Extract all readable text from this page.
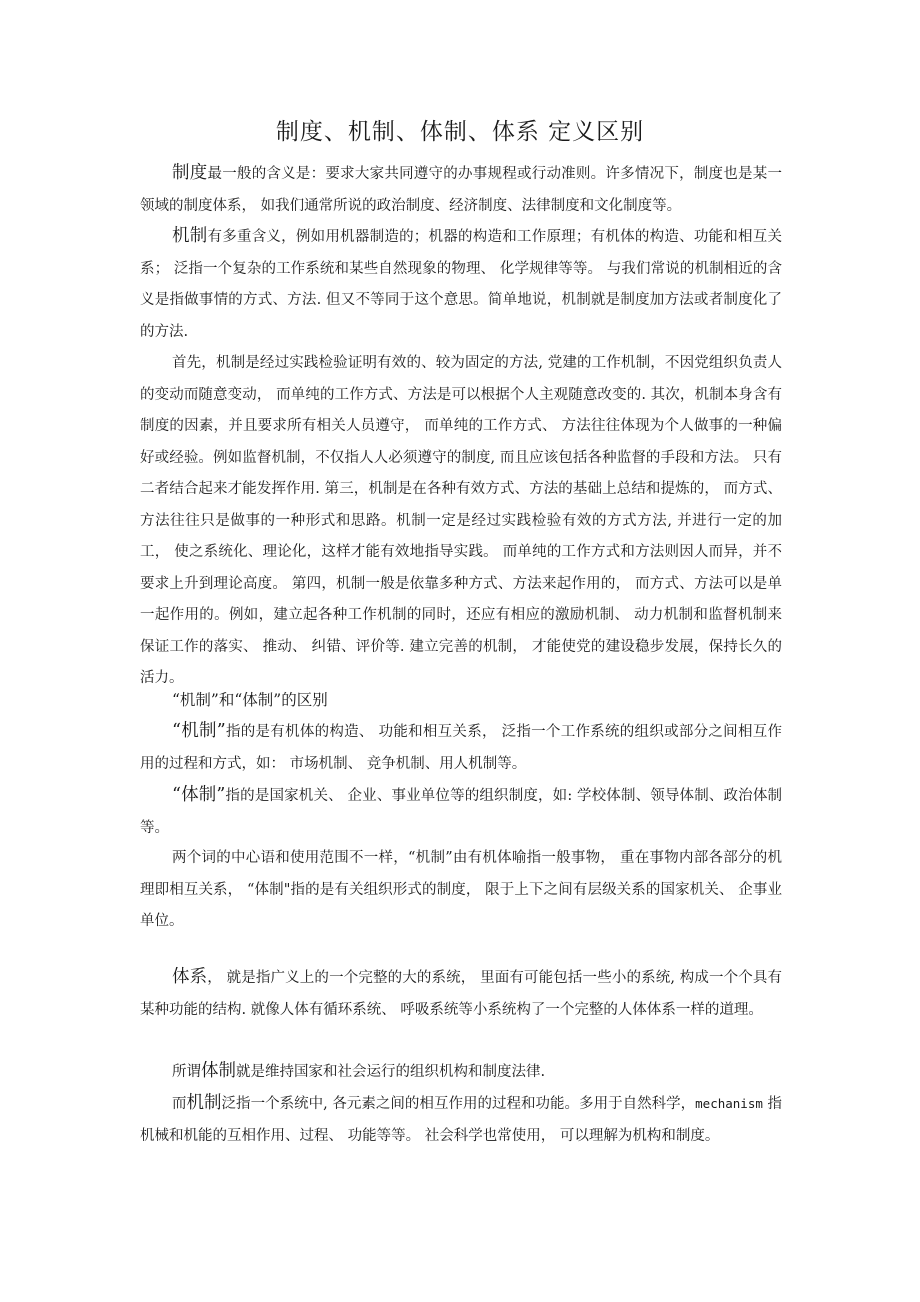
制度、机制、体制、体系 定义区别

制度最一般的含义是：要求大家共同遵守的办事规程或行动准则。许多情况下，制度也是某一领域的制度体系， 如我们通常所说的政治制度、经济制度、法律制度和文化制度等。

机制有多重含义，例如用机器制造的；机器的构造和工作原理；有机体的构造、功能和相互关系； 泛指一个复杂的工作系统和某些自然现象的物理、 化学规律等等。 与我们常说的机制相近的含义是指做事情的方式、方法. 但又不等同于这个意思。简单地说，机制就是制度加方法或者制度化了的方法.

首先，机制是经过实践检验证明有效的、较为固定的方法, 党建的工作机制，不因党组织负责人的变动而随意变动， 而单纯的工作方式、方法是可以根据个人主观随意改变的. 其次，机制本身含有制度的因素，并且要求所有相关人员遵守， 而单纯的工作方式、 方法往往体现为个人做事的一种偏好或经验。例如监督机制，不仅指人人必须遵守的制度, 而且应该包括各种监督的手段和方法。 只有二者结合起来才能发挥作用. 第三，机制是在各种有效方式、方法的基础上总结和提炼的， 而方式、方法往往只是做事的一种形式和思路。机制一定是经过实践检验有效的方式方法, 并进行一定的加工， 使之系统化、理论化，这样才能有效地指导实践。 而单纯的工作方式和方法则因人而异，并不要求上升到理论高度。 第四，机制一般是依靠多种方式、方法来起作用的， 而方式、方法可以是单一起作用的。例如，建立起各种工作机制的同时，还应有相应的激励机制、 动力机制和监督机制来保证工作的落实、 推动、 纠错、评价等. 建立完善的机制， 才能使党的建设稳步发展，保持长久的活力。

“机制”和“体制”的区别

“机制”指的是有机体的构造、 功能和相互关系， 泛指一个工作系统的组织或部分之间相互作用的过程和方式，如： 市场机制、 竞争机制、用人机制等。

“体制”指的是国家机关、 企业、事业单位等的组织制度，如: 学校体制、领导体制、政治体制等。

两个词的中心语和使用范围不一样，“机制”由有机体喻指一般事物， 重在事物内部各部分的机理即相互关系， “体制"指的是有关组织形式的制度， 限于上下之间有层级关系的国家机关、 企事业单位。

体系， 就是指广义上的一个完整的大的系统， 里面有可能包括一些小的系统, 构成一个个具有某种功能的结构. 就像人体有循环系统、 呼吸系统等小系统构了一个完整的人体体系一样的道理。

所谓体制就是维持国家和社会运行的组织机构和制度法律.

而机制泛指一个系统中, 各元素之间的相互作用的过程和功能。多用于自然科学，mechanism 指机械和机能的互相作用、过程、 功能等等。 社会科学也常使用， 可以理解为机构和制度。
